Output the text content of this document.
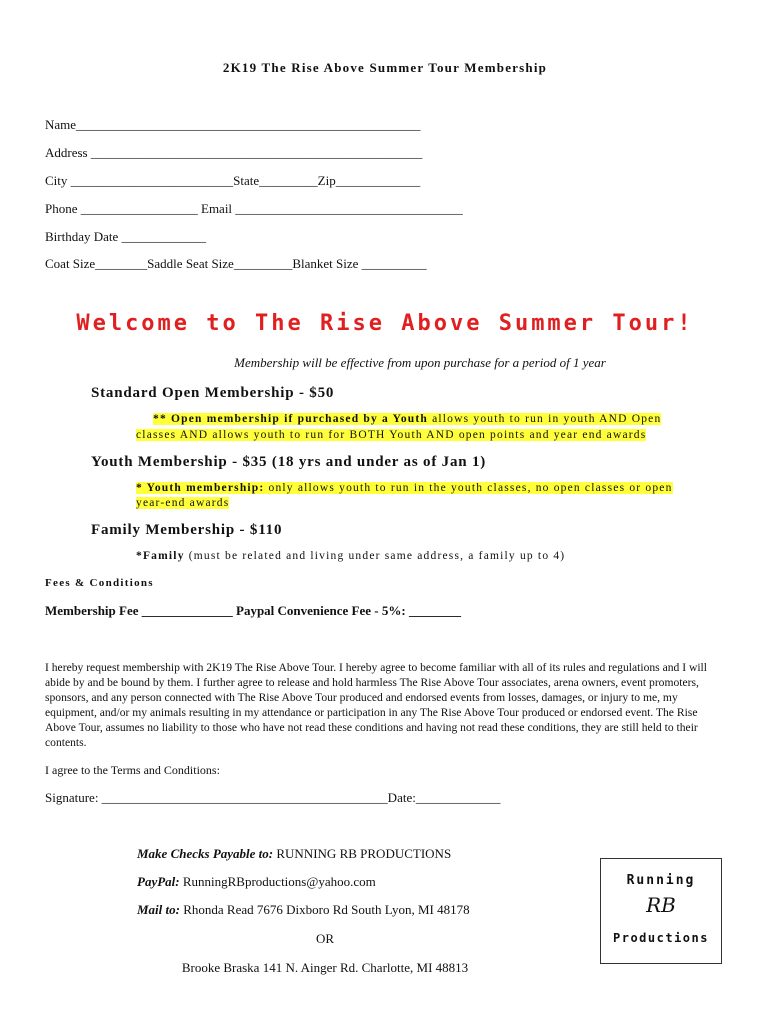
2K19 The Rise Above Summer Tour Membership
Name_____________________________________________________
Address ___________________________________________________
City _________________________State_________Zip_____________
Phone __________________ Email ___________________________________
Birthday Date _____________
Coat Size________Saddle Seat Size_________Blanket Size __________
Welcome to The Rise Above Summer Tour!
Membership will be effective from upon purchase for a period of 1 year
Standard Open Membership - $50
** Open membership if purchased by a Youth allows youth to run in youth AND Open
classes AND allows youth to run for BOTH Youth AND open points and year end awards
Youth Membership - $35 (18 yrs and under as of Jan 1)
* Youth membership: only allows youth to run in the youth classes, no open classes or open
year-end awards
Family Membership - $110
*Family (must be related and living under same address, a family up to 4)
Fees & Conditions
Membership Fee ______________ Paypal Convenience Fee - 5%: ________
I hereby request membership with 2K19 The Rise Above Tour. I hereby agree to become familiar with all of its rules and regulations and I will abide by and be bound by them. I further agree to release and hold harmless The Rise Above Tour associates, arena owners, event promoters, sponsors, and any person connected with The Rise Above Tour produced and endorsed events from losses, damages, or injury to me, my equipment, and/or my animals resulting in my attendance or participation in any The Rise Above Tour produced or endorsed event. The Rise Above Tour, assumes no liability to those who have not read these conditions and having not read these conditions, they are still held to their contents.
I agree to the Terms and Conditions:
Signature: ____________________________________________Date:_____________
Make Checks Payable to: RUNNING RB PRODUCTIONS
PayPal: RunningRBproductions@yahoo.com
Mail to: Rhonda Read 7676 Dixboro Rd South Lyon, MI 48178
OR
Brooke Braska 141 N. Ainger Rd. Charlotte, MI 48813
Running
RB
Productions
